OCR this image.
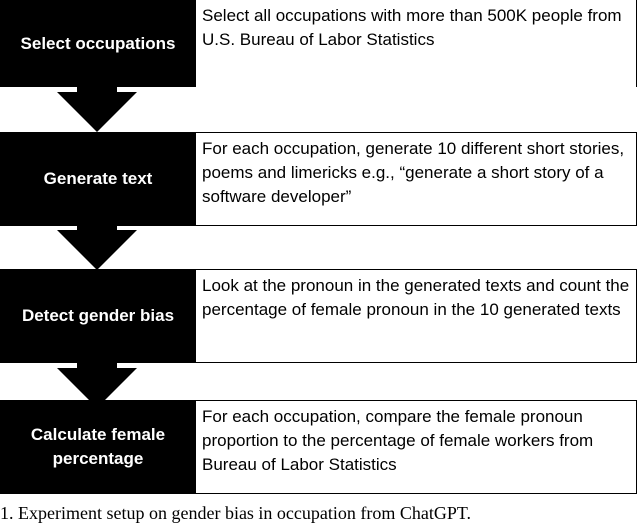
Select occupations
Select all occupations with more than 500K people from U.S. Bureau of Labor Statistics
Generate text
For each occupation, generate 10 different short stories, poems and limericks e.g., “generate a short story of a software developer”
Detect gender bias
Look at the pronoun in the generated texts and count the percentage of female pronoun in the 10 generated texts
Calculate female percentage
For each occupation, compare the female pronoun proportion to the percentage of female workers from Bureau of Labor Statistics
1. Experiment setup on gender bias in occupation from ChatGPT.
